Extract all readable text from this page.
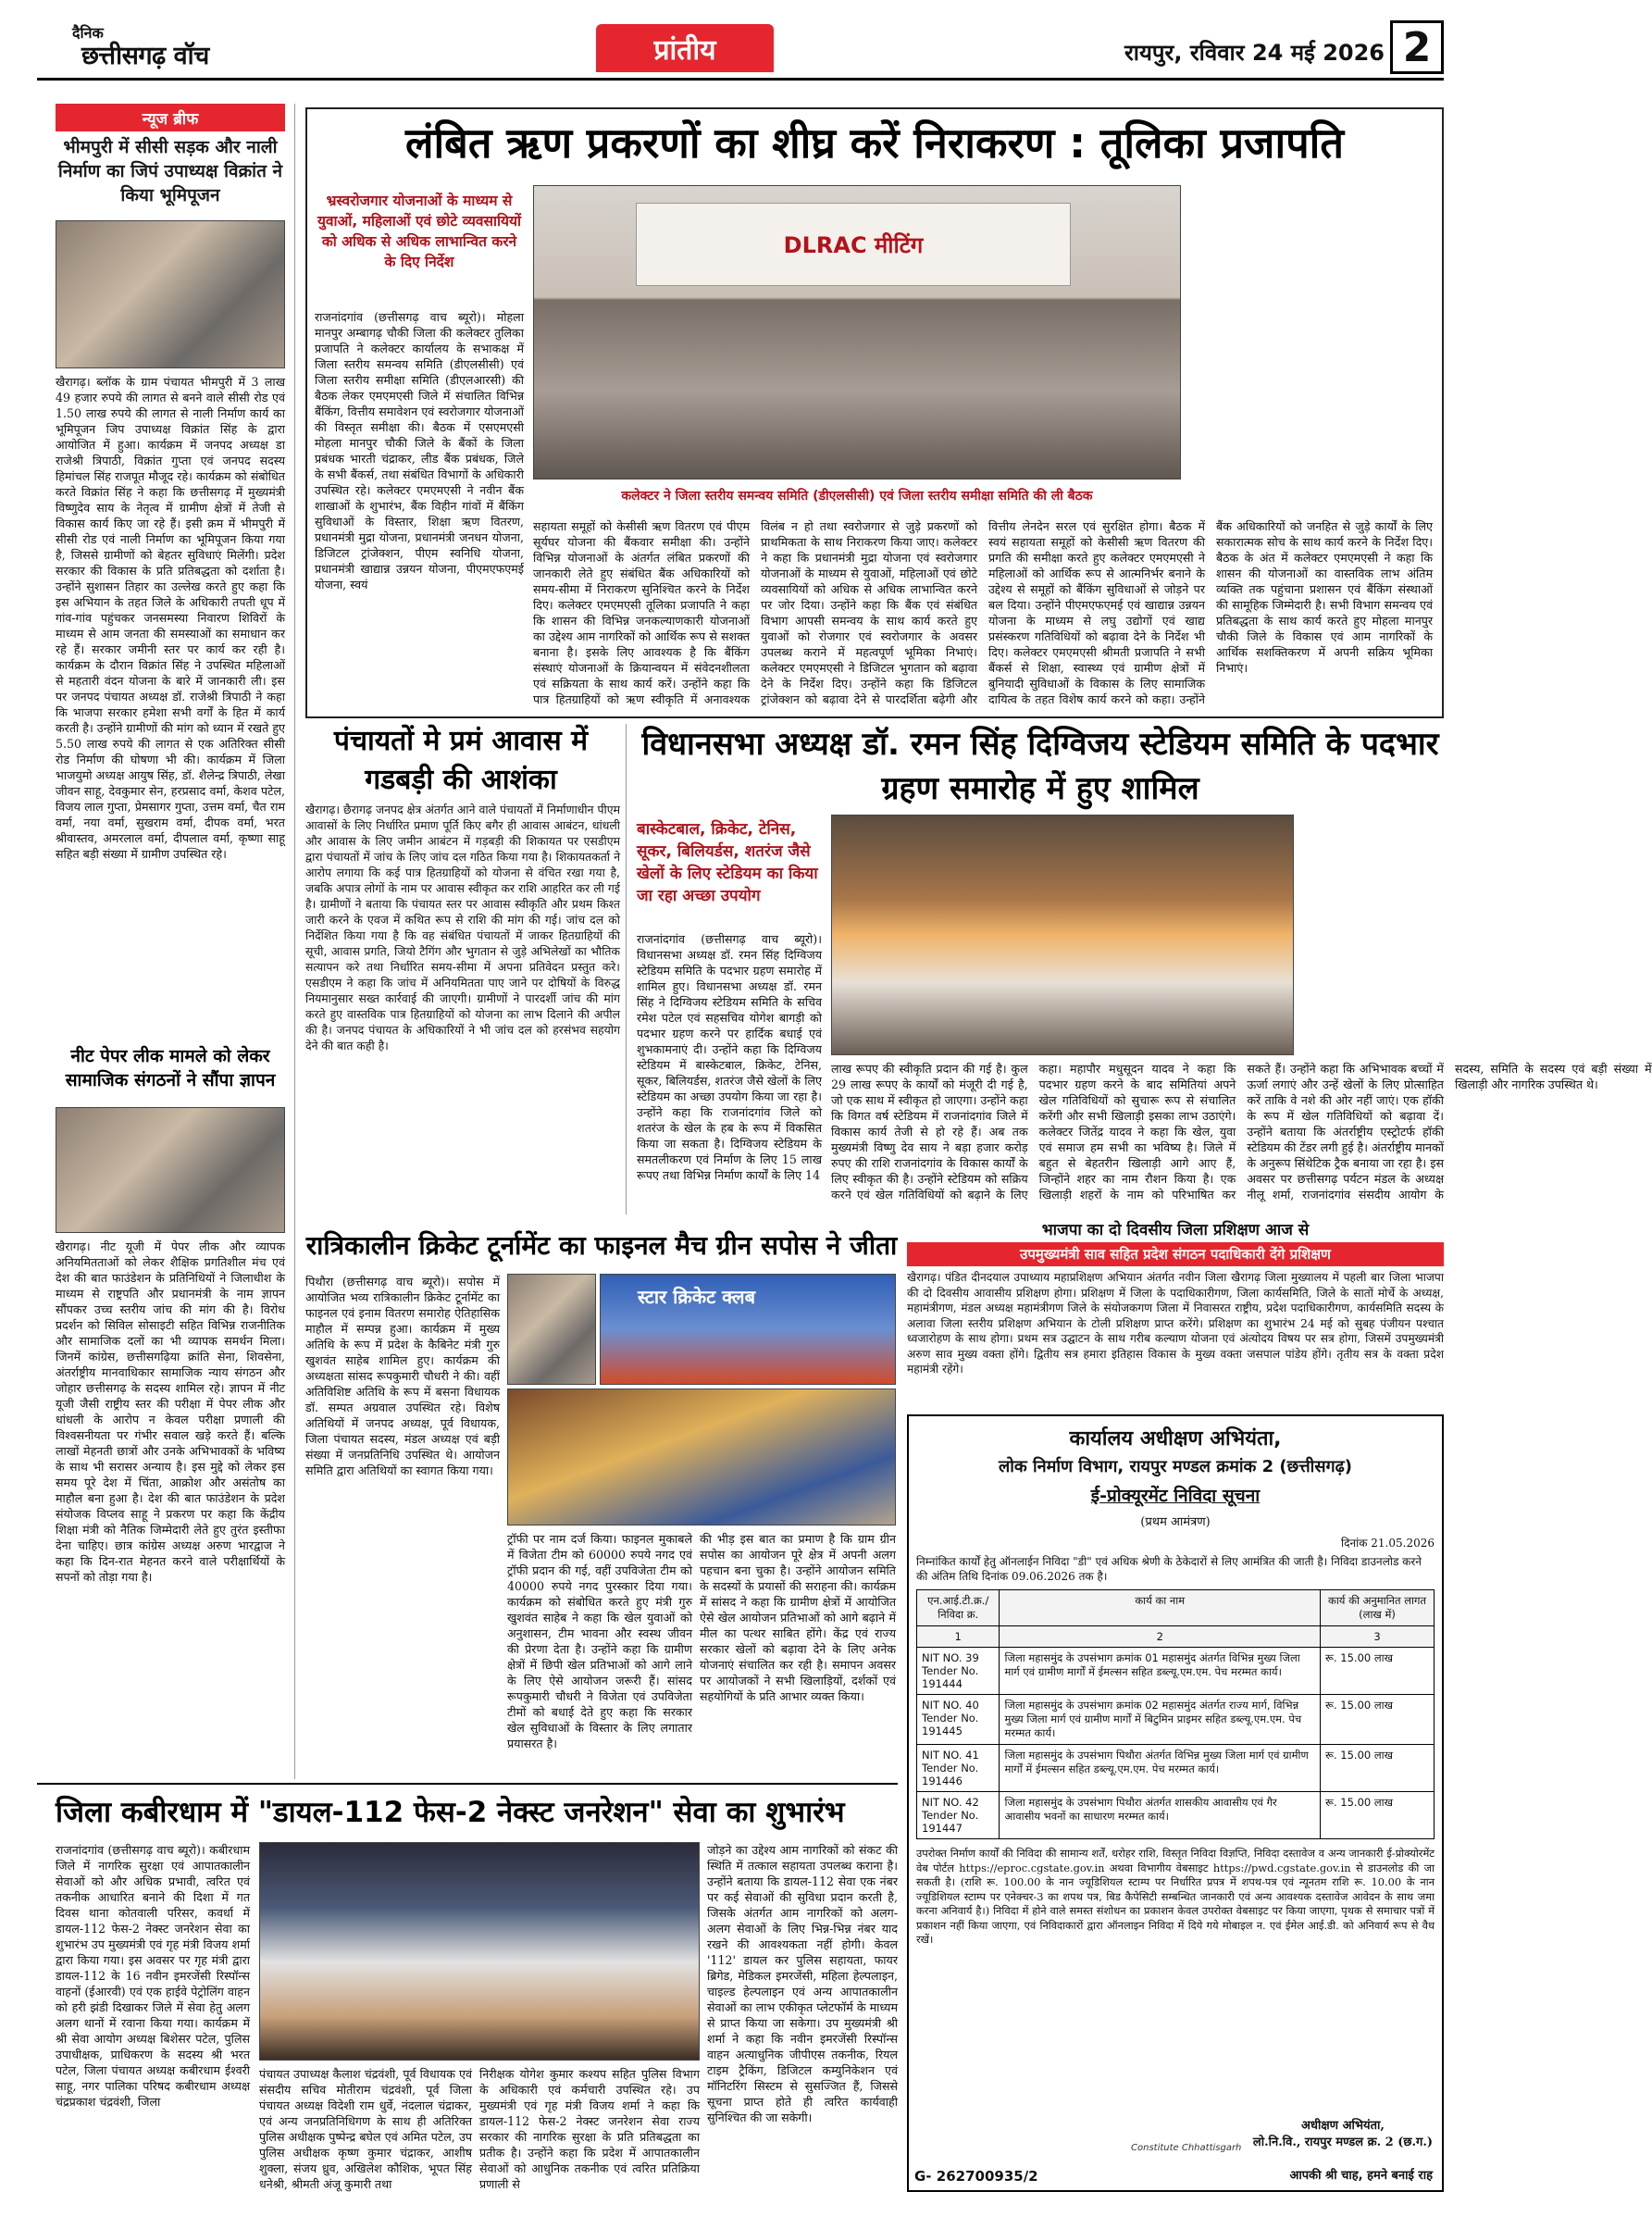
दैनिक
छत्तीसगढ़ वॉच	प्रांतीय	रायपुर, रविवार 24 मई 2026 2
न्यूज ब्रीफ
भीमपुरी में सीसी सड़क और नाली निर्माण का जिपं उपाध्यक्ष विक्रांत ने किया भूमिपूजन
खैरागढ़। ब्लॉक के ग्राम पंचायत भीमपुरी में 3 लाख 49 हजार रुपये की लागत से बनने वाले सीसी रोड एवं 1.50 लाख रुपये की लागत से नाली निर्माण कार्य का भूमिपूजन जिप उपाध्यक्ष विक्रांत सिंह के द्वारा आयोजित में हुआ। कार्यक्रम में जनपद अध्यक्ष डा राजेश्री त्रिपाठी, विक्रांत गुप्ता एवं जनपद सदस्य हिमांचल सिंह राजपूत मौजूद रहे। कार्यक्रम को संबोधित करते विक्रांत सिंह ने कहा कि छत्तीसगढ़ में मुख्यमंत्री विष्णुदेव साय के नेतृत्व में ग्रामीण क्षेत्रों में तेजी से विकास कार्य किए जा रहे हैं। इसी क्रम में भीमपुरी में सीसी रोड एवं नाली निर्माण का भूमिपूजन किया गया है, जिससे ग्रामीणों को बेहतर सुविधाएं मिलेंगी। प्रदेश सरकार की विकास के प्रति प्रतिबद्धता को दर्शाता है। उन्होंने सुशासन तिहार का उल्लेख करते हुए कहा कि इस अभियान के तहत जिले के अधिकारी तपती धूप में गांव-गांव पहुंचकर जनसमस्या निवारण शिविरों के माध्यम से आम जनता की समस्याओं का समाधान कर रहे हैं। सरकार जमीनी स्तर पर कार्य कर रही है। कार्यक्रम के दौरान विक्रांत सिंह ने उपस्थित महिलाओं से महतारी वंदन योजना के बारे में जानकारी ली। इस पर जनपद पंचायत अध्यक्ष डॉ. राजेश्री त्रिपाठी ने कहा कि भाजपा सरकार हमेशा सभी वर्गों के हित में कार्य करती है। उन्होंने ग्रामीणों की मांग को ध्यान में रखते हुए 5.50 लाख रुपये की लागत से एक अतिरिक्त सीसी रोड निर्माण की घोषणा भी की। कार्यक्रम में जिला भाजयुमो अध्यक्ष आयुष सिंह, डॉ. शैलेन्द्र त्रिपाठी, लेखा जीवन साहू, देवकुमार सेन, हरप्रसाद वर्मा, केशव पटेल, विजय लाल गुप्ता, प्रेमसागर गुप्ता, उत्तम वर्मा, चैत राम वर्मा, नया वर्मा, सुखराम वर्मा, दीपक वर्मा, भरत श्रीवास्तव, अमरलाल वर्मा, दीपलाल वर्मा, कृष्णा साहू सहित बड़ी संख्या में ग्रामीण उपस्थित रहे।
नीट पेपर लीक मामले को लेकर सामाजिक संगठनों ने सौंपा ज्ञापन
खैरागढ़। नीट यूजी में पेपर लीक और व्यापक अनियमितताओं को लेकर शैक्षिक प्रगतिशील मंच एवं देश की बात फाउंडेशन के प्रतिनिधियों ने जिलाधीश के माध्यम से राष्ट्रपति और प्रधानमंत्री के नाम ज्ञापन सौंपकर उच्च स्तरीय जांच की मांग की है। विरोध प्रदर्शन को सिविल सोसाइटी सहित विभिन्न राजनीतिक और सामाजिक दलों का भी व्यापक समर्थन मिला। जिनमें कांग्रेस, छत्तीसगढ़िया क्रांति सेना, शिवसेना, अंतर्राष्ट्रीय मानवाधिकार सामाजिक न्याय संगठन और जोहार छत्तीसगढ़ के सदस्य शामिल रहे। ज्ञापन में नीट यूजी जैसी राष्ट्रीय स्तर की परीक्षा में पेपर लीक और धांधली के आरोप न केवल परीक्षा प्रणाली की विश्वसनीयता पर गंभीर सवाल खड़े करते हैं। बल्कि लाखों मेहनती छात्रों और उनके अभिभावकों के भविष्य के साथ भी सरासर अन्याय है। इस मुद्दे को लेकर इस समय पूरे देश में चिंता, आक्रोश और असंतोष का माहौल बना हुआ है। देश की बात फाउंडेशन के प्रदेश संयोजक विप्लव साहू ने प्रकरण पर कहा कि केंद्रीय शिक्षा मंत्री को नैतिक जिम्मेदारी लेते हुए तुरंत इस्तीफा देना चाहिए। छात्र कांग्रेस अध्यक्ष अरुण भारद्वाज ने कहा कि दिन-रात मेहनत करने वाले परीक्षार्थियों के सपनों को तोड़ा गया है।
लंबित ऋण प्रकरणों का शीघ्र करें निराकरण : तूलिका प्रजापति
भ्रस्वरोजगार योजनाओं के माध्यम से युवाओं, महिलाओं एवं छोटे व्यवसायियों को अधिक से अधिक लाभान्वित करने के दिए निर्देश
DLRAC मीटिंग
कलेक्टर ने जिला स्तरीय समन्वय समिति (डीएलसीसी) एवं जिला स्तरीय समीक्षा समिति की ली बैठक
राजनांदगांव (छत्तीसगढ़ वाच ब्यूरो)। मोहला मानपुर अम्बागढ़ चौकी जिला की कलेक्टर तुलिका प्रजापति ने कलेक्टर कार्यालय के सभाकक्ष में जिला स्तरीय समन्वय समिति (डीएलसीसी) एवं जिला स्तरीय समीक्षा समिति (डीएलआरसी) की बैठक लेकर एमएमएसी जिले में संचालित विभिन्न बैंकिंग, वित्तीय समावेशन एवं स्वरोजगार योजनाओं की विस्तृत समीक्षा की। बैठक में एसएमएसी मोहला मानपुर चौकी जिले के बैंकों के जिला प्रबंधक भारती चंद्राकर, लीड बैंक प्रबंधक, जिले के सभी बैंकर्स, तथा संबंधित विभागों के अधिकारी उपस्थित रहे। कलेक्टर एमएमएसी ने नवीन बैंक शाखाओं के शुभारंभ, बैंक विहीन गांवों में बैंकिंग सुविधाओं के विस्तार, शिक्षा ऋण वितरण, प्रधानमंत्री मुद्रा योजना, प्रधानमंत्री जनधन योजना, डिजिटल ट्रांजेक्शन, पीएम स्वनिधि योजना, प्रधानमंत्री खाद्यान्न उन्नयन योजना, पीएमएफएमई योजना, स्वयं
सहायता समूहों को केसीसी ऋण वितरण एवं पीएम सूर्यघर योजना की बैंकवार समीक्षा की। उन्होंने विभिन्न योजनाओं के अंतर्गत लंबित प्रकरणों की जानकारी लेते हुए संबंधित बैंक अधिकारियों को समय-सीमा में निराकरण सुनिश्चित करने के निर्देश दिए। कलेक्टर एमएमएसी तूलिका प्रजापति ने कहा कि शासन की विभिन्न जनकल्याणकारी योजनाओं का उद्देश्य आम नागरिकों को आर्थिक रूप से सशक्त बनाना है। इसके लिए आवश्यक है कि बैंकिंग संस्थाएं योजनाओं के क्रियान्वयन में संवेदनशीलता एवं सक्रियता के साथ कार्य करें। उन्होंने कहा कि पात्र हितग्राहियों को ऋण स्वीकृति में अनावश्यक विलंब न हो तथा स्वरोजगार से जुड़े प्रकरणों को प्राथमिकता के साथ निराकरण किया जाए। कलेक्टर ने कहा कि प्रधानमंत्री मुद्रा योजना एवं स्वरोजगार योजनाओं के माध्यम से युवाओं, महिलाओं एवं छोटे व्यवसायियों को अधिक से अधिक लाभान्वित करने पर जोर दिया। उन्होंने कहा कि बैंक एवं संबंधित विभाग आपसी समन्वय के साथ कार्य करते हुए युवाओं को रोजगार एवं स्वरोजगार के अवसर उपलब्ध कराने में महत्वपूर्ण भूमिका निभाएं। कलेक्टर एमएमएसी ने डिजिटल भुगतान को बढ़ावा देने के निर्देश दिए। उन्होंने कहा कि डिजिटल ट्रांजेक्शन को बढ़ावा देने से पारदर्शिता बढ़ेगी और वित्तीय लेनदेन सरल एवं सुरक्षित होगा। बैठक में स्वयं सहायता समूहों को केसीसी ऋण वितरण की प्रगति की समीक्षा करते हुए कलेक्टर एमएमएसी ने महिलाओं को आर्थिक रूप से आत्मनिर्भर बनाने के उद्देश्य से समूहों को बैंकिंग सुविधाओं से जोड़ने पर बल दिया। उन्होंने पीएमएफएमई एवं खाद्यान्न उन्नयन योजना के माध्यम से लघु उद्योगों एवं खाद्य प्रसंस्करण गतिविधियों को बढ़ावा देने के निर्देश भी दिए। कलेक्टर एमएमएसी श्रीमती प्रजापति ने सभी बैंकर्स से शिक्षा, स्वास्थ्य एवं ग्रामीण क्षेत्रों में बुनियादी सुविधाओं के विकास के लिए सामाजिक दायित्व के तहत विशेष कार्य करने को कहा। उन्होंने बैंक अधिकारियों को जनहित से जुड़े कार्यों के लिए सकारात्मक सोच के साथ कार्य करने के निर्देश दिए। बैठक के अंत में कलेक्टर एमएमएसी ने कहा कि शासन की योजनाओं का वास्तविक लाभ अंतिम व्यक्ति तक पहुंचाना प्रशासन एवं बैंकिंग संस्थाओं की सामूहिक जिम्मेदारी है। सभी विभाग समन्वय एवं प्रतिबद्धता के साथ कार्य करते हुए मोहला मानपुर चौकी जिले के विकास एवं आम नागरिकों के आर्थिक सशक्तिकरण में अपनी सक्रिय भूमिका निभाएं।
पंचायतों मे प्रमं आवास में गडबड़ी की आशंका
खैरागढ़। छैरागढ़ जनपद क्षेत्र अंतर्गत आने वाले पंचायतों में निर्माणाधीन पीएम आवासों के लिए निर्धारित प्रमाण पूर्ति किए बगैर ही आवास आबंटन, धांधली और आवास के लिए जमीन आबंटन में गड़बड़ी की शिकायत पर एसडीएम द्वारा पंचायतों में जांच के लिए जांच दल गठित किया गया है। शिकायतकर्ता ने आरोप लगाया कि कई पात्र हितग्राहियों को योजना से वंचित रखा गया है, जबकि अपात्र लोगों के नाम पर आवास स्वीकृत कर राशि आहरित कर ली गई है। ग्रामीणों ने बताया कि पंचायत स्तर पर आवास स्वीकृति और प्रथम किश्त जारी करने के एवज में कथित रूप से राशि की मांग की गई। जांच दल को निर्देशित किया गया है कि वह संबंधित पंचायतों में जाकर हितग्राहियों की सूची, आवास प्रगति, जियो टैगिंग और भुगतान से जुड़े अभिलेखों का भौतिक सत्यापन करे तथा निर्धारित समय-सीमा में अपना प्रतिवेदन प्रस्तुत करे। एसडीएम ने कहा कि जांच में अनियमितता पाए जाने पर दोषियों के विरुद्ध नियमानुसार सख्त कार्रवाई की जाएगी। ग्रामीणों ने पारदर्शी जांच की मांग करते हुए वास्तविक पात्र हितग्राहियों को योजना का लाभ दिलाने की अपील की है। जनपद पंचायत के अधिकारियों ने भी जांच दल को हरसंभव सहयोग देने की बात कही है।
विधानसभा अध्यक्ष डॉ. रमन सिंह दिग्विजय स्टेडियम समिति के पदभार ग्रहण समारोह में हुए शामिल
बास्केटबाल, क्रिकेट, टेनिस, सूकर, बिलियर्डस, शतरंज जैसे खेलों के लिए स्टेडियम का किया जा रहा अच्छा उपयोग
राजनांदगांव (छत्तीसगढ़ वाच ब्यूरो)। विधानसभा अध्यक्ष डॉ. रमन सिंह दिग्विजय स्टेडियम समिति के पदभार ग्रहण समारोह में शामिल हुए। विधानसभा अध्यक्ष डॉ. रमन सिंह ने दिग्विजय स्टेडियम समिति के सचिव रमेश पटेल एवं सहसचिव योगेश बागड़ी को पदभार ग्रहण करने पर हार्दिक बधाई एवं शुभकामनाएं दी। उन्होंने कहा कि दिग्विजय स्टेडियम में बास्केटबाल, क्रिकेट, टेनिस, सूकर, बिलियर्डस, शतरंज जैसे खेलों के लिए स्टेडियम का अच्छा उपयोग किया जा रहा है। उन्होंने कहा कि राजनांदगांव जिले को शतरंज के खेल के हब के रूप में विकसित किया जा सकता है। दिग्विजय स्टेडियम के समतलीकरण एवं निर्माण के लिए 15 लाख रूपए तथा विभिन्न निर्माण कार्यों के लिए 14
लाख रूपए की स्वीकृति प्रदान की गई है। कुल 29 लाख रूपए के कार्यों को मंजूरी दी गई है, जो एक साथ में स्वीकृत हो जाएगा। उन्होंने कहा कि विगत वर्ष स्टेडियम में राजनांदगांव जिले में विकास कार्य तेजी से हो रहे हैं। अब तक मुख्यमंत्री विष्णु देव साय ने बड़ा हजार करोड़ रुपए की राशि राजनांदगांव के विकास कार्यों के लिए स्वीकृत की है। उन्होंने स्टेडियम को सक्रिय करने एवं खेल गतिविधियों को बढ़ाने के लिए कहा। महापौर मधुसूदन यादव ने कहा कि पदभार ग्रहण करने के बाद समितियां अपने खेल गतिविधियों को सुचारू रूप से संचालित करेंगी और सभी खिलाड़ी इसका लाभ उठाएंगे। कलेक्टर जितेंद्र यादव ने कहा कि खेल, युवा एवं समाज हम सभी का भविष्य है। जिले में बहुत से बेहतरीन खिलाड़ी आगे आए हैं, जिन्होंने शहर का नाम रौशन किया है। एक खिलाड़ी शहरों के नाम को परिभाषित कर सकते हैं। उन्होंने कहा कि अभिभावक बच्चों में ऊर्जा लगाएं और उन्हें खेलों के लिए प्रोत्साहित करें ताकि वे नशे की ओर नहीं जाएं। एक हॉकी के रूप में खेल गतिविधियों को बढ़ावा दें। उन्होंने बताया कि अंतर्राष्ट्रीय एस्ट्रोटर्फ हॉकी स्टेडियम की टेंडर लगी हुई है। अंतर्राष्ट्रीय मानकों के अनुरूप सिंथेटिक ट्रैक बनाया जा रहा है। इस अवसर पर छत्तीसगढ़ पर्यटन मंडल के अध्यक्ष नीलू शर्मा, राजनांदगांव संसदीय आयोग के सदस्य, समिति के सदस्य एवं बड़ी संख्या में खिलाड़ी और नागरिक उपस्थित थे।
भाजपा का दो दिवसीय जिला प्रशिक्षण आज से
उपमुख्यमंत्री साव सहित प्रदेश संगठन पदाधिकारी देंगे प्रशिक्षण
खैरागढ़। पंडित दीनदयाल उपाध्याय महाप्रशिक्षण अभियान अंतर्गत नवीन जिला खैरागढ़ जिला मुख्यालय में पहली बार जिला भाजपा की दो दिवसीय आवासीय प्रशिक्षण होगा। प्रशिक्षण में जिला के पदाधिकारीगण, जिला कार्यसमिति, जिले के सातों मोर्चे के अध्यक्ष, महामंत्रीगण, मंडल अध्यक्ष महामंत्रीगण जिले के संयोजकगण जिला में निवासरत राष्ट्रीय, प्रदेश पदाधिकारीगण, कार्यसमिति सदस्य के अलावा जिला स्तरीय प्रशिक्षण अभियान के टोली प्रशिक्षण प्राप्त करेंगे। प्रशिक्षण का शुभारंभ 24 मई को सुबह पंजीयन पश्चात ध्वजारोहण के साथ होगा। प्रथम सत्र उद्घाटन के साथ गरीब कल्याण योजना एवं अंत्योदय विषय पर सत्र होगा, जिसमें उपमुख्यमंत्री अरुण साव मुख्य वक्ता होंगे। द्वितीय सत्र हमारा इतिहास विकास के मुख्य वक्ता जसपाल पांडेय होंगे। तृतीय सत्र के वक्ता प्रदेश महामंत्री रहेंगे।
रात्रिकालीन क्रिकेट टूर्नामेंट का फाइनल मैच ग्रीन सपोस ने जीता
पिथौरा (छत्तीसगढ़ वाच ब्यूरो)। सपोस में आयोजित भव्य रात्रिकालीन क्रिकेट टूर्नामेंट का फाइनल एवं इनाम वितरण समारोह ऐतिहासिक माहौल में सम्पन्न हुआ। कार्यक्रम में मुख्य अतिथि के रूप में प्रदेश के कैबिनेट मंत्री गुरु खुशवंत साहेब शामिल हुए। कार्यक्रम की अध्यक्षता सांसद रूपकुमारी चौधरी ने की। वहीं अतिविशिष्ट अतिथि के रूप में बसना विधायक डॉ. सम्पत अग्रवाल उपस्थित रहे। विशेष अतिथियों में जनपद अध्यक्ष, पूर्व विधायक, जिला पंचायत सदस्य, मंडल अध्यक्ष एवं बड़ी संख्या में जनप्रतिनिधि उपस्थित थे। आयोजन समिति द्वारा अतिथियों का स्वागत किया गया।
स्टार क्रिकेट क्लब
ट्रॉफी पर नाम दर्ज किया। फाइनल मुकाबले में विजेता टीम को 60000 रुपये नगद एवं ट्रॉफी प्रदान की गई, वहीं उपविजेता टीम को 40000 रुपये नगद पुरस्कार दिया गया। कार्यक्रम को संबोधित करते हुए मंत्री गुरु खुशवंत साहेब ने कहा कि खेल युवाओं को अनुशासन, टीम भावना और स्वस्थ जीवन की प्रेरणा देता है। उन्होंने कहा कि ग्रामीण क्षेत्रों में छिपी खेल प्रतिभाओं को आगे लाने के लिए ऐसे आयोजन जरूरी हैं। सांसद रूपकुमारी चौधरी ने विजेता एवं उपविजेता टीमों को बधाई देते हुए कहा कि सरकार खेल सुविधाओं के विस्तार के लिए लगातार प्रयासरत है।
की भीड़ इस बात का प्रमाण है कि ग्राम ग्रीन सपोस का आयोजन पूरे क्षेत्र में अपनी अलग पहचान बना चुका है। उन्होंने आयोजन समिति के सदस्यों के प्रयासों की सराहना की। कार्यक्रम में सांसद ने कहा कि ग्रामीण क्षेत्रों में आयोजित ऐसे खेल आयोजन प्रतिभाओं को आगे बढ़ाने में मील का पत्थर साबित होंगे। केंद्र एवं राज्य सरकार खेलों को बढ़ावा देने के लिए अनेक योजनाएं संचालित कर रही है। समापन अवसर पर आयोजकों ने सभी खिलाड़ियों, दर्शकों एवं सहयोगियों के प्रति आभार व्यक्त किया।
कार्यालय अधीक्षण अभियंता,
लोक निर्माण विभाग, रायपुर मण्डल क्रमांक 2 (छत्तीसगढ़)
ई-प्रोक्यूरमेंट निविदा सूचना
(प्रथम आमंत्रण)
दिनांक 21.05.2026
निम्नांकित कार्यों हेतु ऑनलाईन निविदा "डी" एवं अधिक श्रेणी के ठेकेदारों से लिए आमंत्रित की जाती है। निविदा डाउनलोड करने की अंतिम तिथि दिनांक 09.06.2026 तक है।
एन.आई.टी.क्र./ निविदा क्र.	कार्य का नाम	कार्य की अनुमानित लागत (लाख में)
1	2	3
NIT NO. 39 Tender No. 191444	जिला महासमुंद के उपसंभाग क्रमांक 01 महासमुंद अंतर्गत विभिन्न मुख्य जिला मार्ग एवं ग्रामीण मार्गों में ईमल्सन सहित डब्ल्यू.एम.एम. पेच मरम्मत कार्य।	रू. 15.00 लाख
NIT NO. 40 Tender No. 191445	जिला महासमुंद के उपसंभाग क्रमांक 02 महासमुंद अंतर्गत राज्य मार्ग, विभिन्न मुख्य जिला मार्ग एवं ग्रामीण मार्गों में बिटुमिन प्राइमर सहित डब्ल्यू.एम.एम. पेच मरम्मत कार्य।	रू. 15.00 लाख
NIT NO. 41 Tender No. 191446	जिला महासमुंद के उपसंभाग पिथौरा अंतर्गत विभिन्न मुख्य जिला मार्ग एवं ग्रामीण मार्गों में ईमल्सन सहित डब्ल्यू.एम.एम. पेच मरम्मत कार्य।	रू. 15.00 लाख
NIT NO. 42 Tender No. 191447	जिला महासमुंद के उपसंभाग पिथौरा अंतर्गत शासकीय आवासीय एवं गैर आवासीय भवनों का साधारण मरम्मत कार्य।	रू. 15.00 लाख
उपरोक्त निर्माण कार्यों की निविदा की सामान्य शर्तें, धरोहर राशि, विस्तृत निविदा विज्ञप्ति, निविदा दस्तावेज व अन्य जानकारी ई-प्रोक्योरमेंट वेब पोर्टल https://eproc.cgstate.gov.in अथवा विभागीय वेबसाइट https://pwd.cgstate.gov.in से डाउनलोड की जा सकती है। (राशि रू. 100.00 के नान ज्यूडिशियल स्टाम्प पर निर्धारित प्रपत्र में शपथ-पत्र एवं न्यूनतम राशि रू. 10.00 के नान ज्यूडिशियल स्टाम्प पर एनेक्चर-3 का शपथ पत्र, बिड कैपेसिटी सम्बन्धित जानकारी एवं अन्य आवश्यक दस्तावेज आवेदन के साथ जमा करना अनिवार्य है।) निविदा में होने वाले समस्त संशोधन का प्रकाशन केवल उपरोक्त वेबसाइट पर किया जाएगा, पृथक से समाचार पत्रों में प्रकाशन नहीं किया जाएगा, एवं निविदाकारों द्वारा ऑनलाइन निविदा में दिये गये मोबाइल न. एवं ईमेल आई.डी. को अनिवार्य रूप से वैध रखें।
अधीक्षण अभियंता,
लो.नि.वि., रायपुर मण्डल क्र. 2 (छ.ग.)
Constitute Chhattisgarh
G- 262700935/2	आपकी श्री चाह, हमने बनाई राह
जिला कबीरधाम में "डायल-112 फेस-2 नेक्स्ट जनरेशन" सेवा का शुभारंभ
राजनांदगांव (छत्तीसगढ़ वाच ब्यूरो)। कबीरधाम जिले में नागरिक सुरक्षा एवं आपातकालीन सेवाओं को और अधिक प्रभावी, त्वरित एवं तकनीक आधारित बनाने की दिशा में गत दिवस थाना कोतवाली परिसर, कवर्धा में डायल-112 फेस-2 नेक्स्ट जनरेशन सेवा का शुभारंभ उप मुख्यमंत्री एवं गृह मंत्री विजय शर्मा द्वारा किया गया। इस अवसर पर गृह मंत्री द्वारा डायल-112 के 16 नवीन इमरजेंसी रिस्पॉन्स वाहनों (ईआरवी) एवं एक हाईवे पेट्रोलिंग वाहन को हरी झंडी दिखाकर जिले में सेवा हेतु अलग अलग थानों में रवाना किया गया। कार्यक्रम में श्री सेवा आयोग अध्यक्ष बिशेसर पटेल, पुलिस उपाधीक्षक, प्राधिकरण के सदस्य श्री भरत पटेल, जिला पंचायत अध्यक्ष कबीरधाम ईश्वरी साहू, नगर पालिका परिषद कबीरधाम अध्यक्ष चंद्रप्रकाश चंद्रवंशी, जिला
पंचायत उपाध्यक्ष कैलाश चंद्रवंशी, पूर्व विधायक एवं संसदीय सचिव मोतीराम चंद्रवंशी, पूर्व जिला पंचायत अध्यक्ष विदेशी राम धुर्वे, नंदलाल चंद्राकर, एवं अन्य जनप्रतिनिधिगण के साथ ही अतिरिक्त पुलिस अधीक्षक पुष्पेन्द्र बघेल एवं अमित पटेल, उप पुलिस अधीक्षक कृष्ण कुमार चंद्राकर, आशीष शुक्ला, संजय ध्रुव, अखिलेश कौशिक, भूपत सिंह धनेश्री, श्रीमती अंजू कुमारी तथा
निरीक्षक योगेश कुमार कश्यप सहित पुलिस विभाग के अधिकारी एवं कर्मचारी उपस्थित रहे। उप मुख्यमंत्री एवं गृह मंत्री विजय शर्मा ने कहा कि डायल-112 फेस-2 नेक्स्ट जनरेशन सेवा राज्य सरकार की नागरिक सुरक्षा के प्रति प्रतिबद्धता का प्रतीक है। उन्होंने कहा कि प्रदेश में आपातकालीन सेवाओं को आधुनिक तकनीक एवं त्वरित प्रतिक्रिया प्रणाली से
जोड़ने का उद्देश्य आम नागरिकों को संकट की स्थिति में तत्काल सहायता उपलब्ध कराना है। उन्होंने बताया कि डायल-112 सेवा एक नंबर पर कई सेवाओं की सुविधा प्रदान करती है, जिसके अंतर्गत आम नागरिकों को अलग-अलग सेवाओं के लिए भिन्न-भिन्न नंबर याद रखने की आवश्यकता नहीं होगी। केवल '112' डायल कर पुलिस सहायता, फायर ब्रिगेड, मेडिकल इमरजेंसी, महिला हेल्पलाइन, चाइल्ड हेल्पलाइन एवं अन्य आपातकालीन सेवाओं का लाभ एकीकृत प्लेटफॉर्म के माध्यम से प्राप्त किया जा सकेगा। उप मुख्यमंत्री श्री शर्मा ने कहा कि नवीन इमरजेंसी रिस्पॉन्स वाहन अत्याधुनिक जीपीएस तकनीक, रियल टाइम ट्रैकिंग, डिजिटल कम्युनिकेशन एवं मॉनिटरिंग सिस्टम से सुसज्जित हैं, जिससे सूचना प्राप्त होते ही त्वरित कार्यवाही सुनिश्चित की जा सकेगी।
